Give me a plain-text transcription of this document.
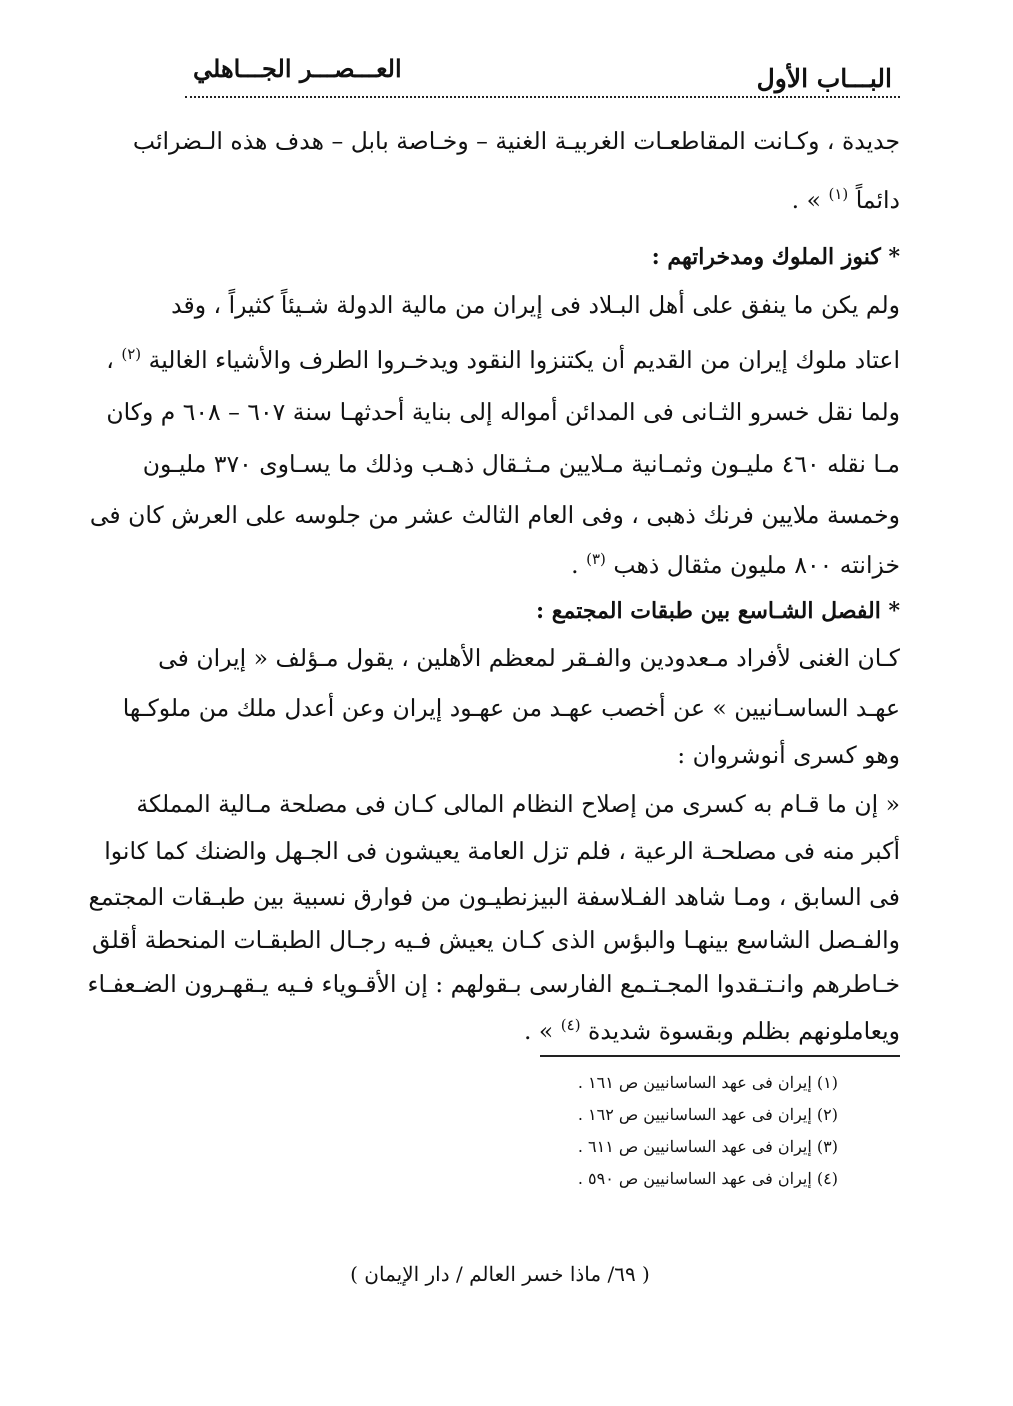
البـــاب الأول
العـــصـــر الجـــاهلي
جديدة ، وكـانت المقاطعـات الغربيـة الغنية – وخـاصة بابل – هدف هذه الـضرائب
دائماً $^{(١)}$ » .
* كنوز الملوك ومدخراتهم :
ولم يكن ما ينفق على أهل البـلاد فى إيران من مالية الدولة شـيئاً كثيراً ، وقد
اعتاد ملوك إيران من القديم أن يكتنزوا النقود ويدخـروا الطرف والأشياء الغالية $^{(٢)}$ ،
ولما نقل خسرو الثـانى فى المدائن أمواله إلى بناية أحدثهـا سنة ٦٠٧ – ٦٠٨ م وكان
مـا نقله ٤٦٠ مليـون وثمـانية مـلايين مـثـقال ذهـب وذلك ما يسـاوى ٣٧٠ مليـون
وخمسة ملايين فرنك ذهبى ، وفى العام الثالث عشر من جلوسه على العرش كان فى
خزانته ٨٠٠ مليون مثقال ذهب $^{(٣)}$ .
* الفصل الشـاسع بين طبقات المجتمع :
كـان الغنى لأفراد مـعدودين والفـقر لمعظم الأهلين ، يقول مـؤلف « إيران فى
عهـد الساسـانيين » عن أخصب عهـد من عهـود إيران وعن أعدل ملك من ملوكـها
وهو كسرى أنوشروان :
« إن ما قـام به كسرى من إصلاح النظام المالى كـان فى مصلحة مـالية المملكة
أكبر منه فى مصلحـة الرعية ، فلم تزل العامة يعيشون فى الجـهل والضنك كما كانوا
فى السابق ، ومـا شاهد الفـلاسفة البيزنطيـون من فوارق نسبية بين طبـقات المجتمع
والفـصل الشاسع بينهـا والبؤس الذى كـان يعيش فـيه رجـال الطبقـات المنحطة أقلق
خـاطرهم وانـتـقدوا المجـتـمع الفارسى بـقولهم : إن الأقـوياء فـيه يـقهـرون الضـعفـاء
ويعاملونهم بظلم وبقسوة شديدة $^{(٤)}$ » .
(١) إيران فى عهد الساسانيين ص ١٦١ .
(٢) إيران فى عهد الساسانيين ص ١٦٢ .
(٣) إيران فى عهد الساسانيين ص ٦١١ .
(٤) إيران فى عهد الساسانيين ص ٥٩٠ .
( ٦٩/ ماذا خسر العالم / دار الإيمان )
